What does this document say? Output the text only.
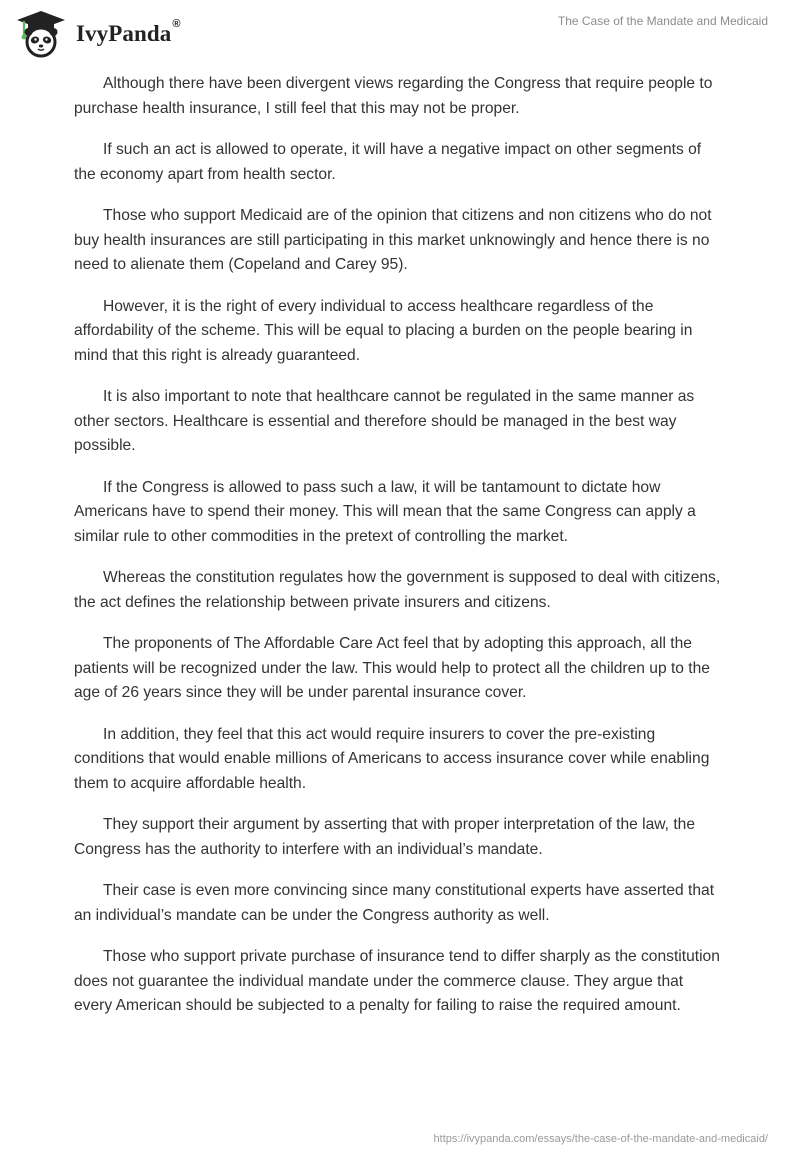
IvyPanda®	The Case of the Mandate and Medicaid

Although there have been divergent views regarding the Congress that require people to purchase health insurance, I still feel that this may not be proper.

If such an act is allowed to operate, it will have a negative impact on other segments of the economy apart from health sector.

Those who support Medicaid are of the opinion that citizens and non citizens who do not buy health insurances are still participating in this market unknowingly and hence there is no need to alienate them (Copeland and Carey 95).

However, it is the right of every individual to access healthcare regardless of the affordability of the scheme. This will be equal to placing a burden on the people bearing in mind that this right is already guaranteed.

It is also important to note that healthcare cannot be regulated in the same manner as other sectors. Healthcare is essential and therefore should be managed in the best way possible.

If the Congress is allowed to pass such a law, it will be tantamount to dictate how Americans have to spend their money. This will mean that the same Congress can apply a similar rule to other commodities in the pretext of controlling the market.

Whereas the constitution regulates how the government is supposed to deal with citizens, the act defines the relationship between private insurers and citizens.

The proponents of The Affordable Care Act feel that by adopting this approach, all the patients will be recognized under the law. This would help to protect all the children up to the age of 26 years since they will be under parental insurance cover.

In addition, they feel that this act would require insurers to cover the pre-existing conditions that would enable millions of Americans to access insurance cover while enabling them to acquire affordable health.

They support their argument by asserting that with proper interpretation of the law, the Congress has the authority to interfere with an individual’s mandate.

Their case is even more convincing since many constitutional experts have asserted that an individual’s mandate can be under the Congress authority as well.

Those who support private purchase of insurance tend to differ sharply as the constitution does not guarantee the individual mandate under the commerce clause. They argue that every American should be subjected to a penalty for failing to raise the required amount.

https://ivypanda.com/essays/the-case-of-the-mandate-and-medicaid/
